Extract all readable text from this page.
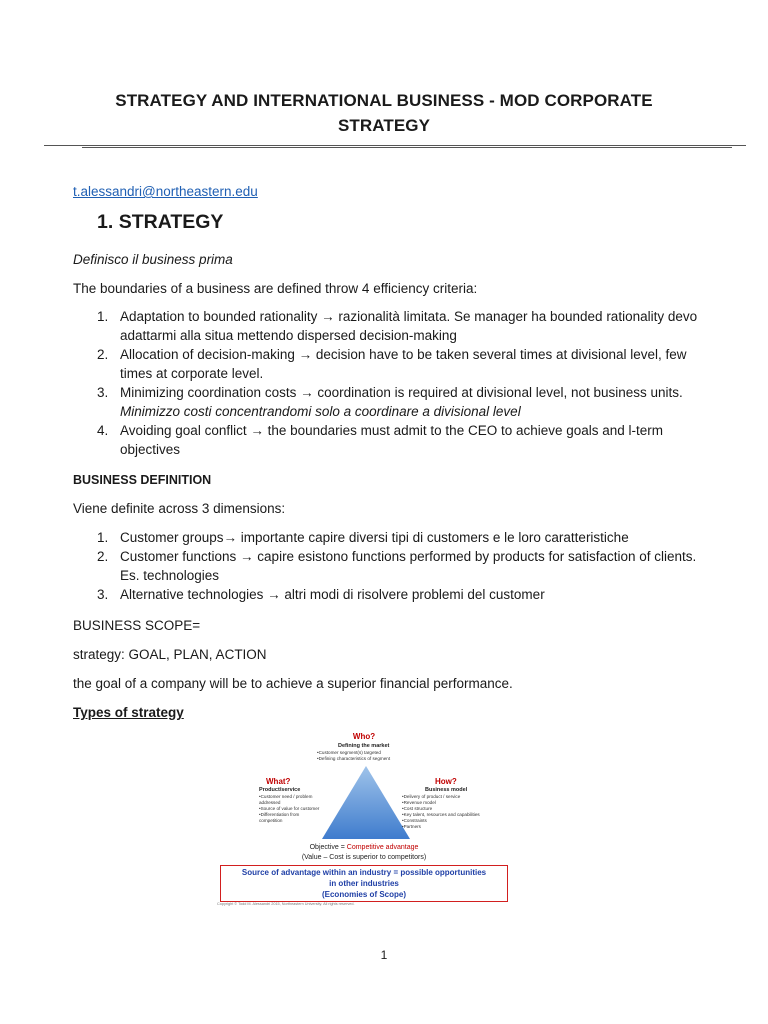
STRATEGY AND INTERNATIONAL BUSINESS - MOD CORPORATE
STRATEGY
t.alessandri@northeastern.edu
1. STRATEGY
Definisco il business prima
The boundaries of a business are defined throw 4 efficiency criteria:
1. Adaptation to bounded rationality → razionalità limitata. Se manager ha bounded rationality devo adattarmi alla situa mettendo dispersed decision-making
2. Allocation of decision-making → decision have to be taken several times at divisional level, few times at corporate level.
3. Minimizing coordination costs → coordination is required at divisional level, not business units. Minimizzo costi concentrandomi solo a coordinare a divisional level
4. Avoiding goal conflict → the boundaries must admit to the CEO to achieve goals and l-term objectives
BUSINESS DEFINITION
Viene definite across 3 dimensions:
1. Customer groups→ importante capire diversi tipi di customers e le loro caratteristiche
2. Customer functions → capire esistono functions performed by products for satisfaction of clients. Es. technologies
3. Alternative technologies → altri modi di risolvere problemi del customer
BUSINESS SCOPE=
strategy: GOAL, PLAN, ACTION
the goal of a company will be to achieve a superior financial performance.
Types of strategy
Who?
Defining the market
• Customer segment(s) targeted
• Defining characteristics of segment
What?
Product/service
• Customer need / problem addressed
• Source of value for customer
• Differentiation from competition
How?
Business model
• Delivery of product / service
• Revenue model
• Cost structure
• Key talent, resources and capabilities
• Constraints
• Partners
Objective = Competitive advantage
(Value – Cost is superior to competitors)
Source of advantage within an industry = possible opportunities
in other industries
(Economies of Scope)
Copyright © Todd M. Alessandri 2015, Northeastern University. All rights reserved.
1
